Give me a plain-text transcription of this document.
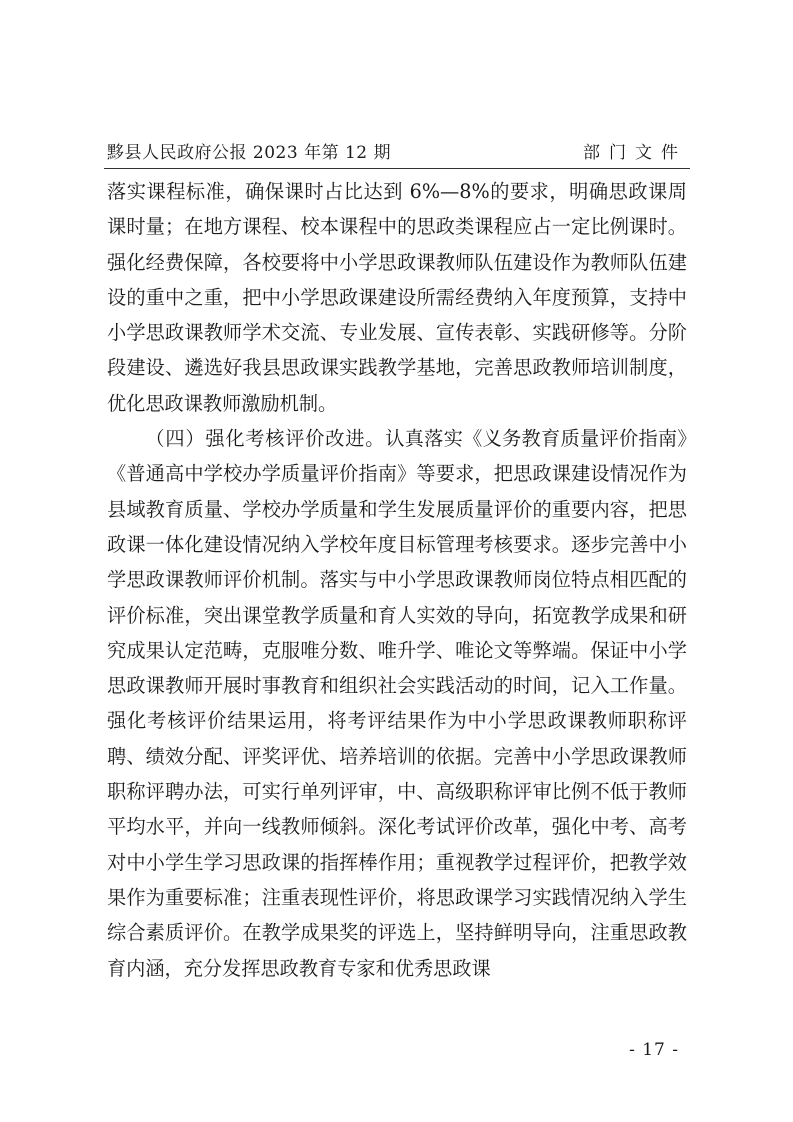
黟县人民政府公报 2023 年第 12 期	部门文件

落实课程标准，确保课时占比达到 6%—8%的要求，明确思政课周课时量；在地方课程、校本课程中的思政类课程应占一定比例课时。强化经费保障，各校要将中小学思政课教师队伍建设作为教师队伍建设的重中之重，把中小学思政课建设所需经费纳入年度预算，支持中小学思政课教师学术交流、专业发展、宣传表彰、实践研修等。分阶段建设、遴选好我县思政课实践教学基地，完善思政教师培训制度，优化思政课教师激励机制。

（四）强化考核评价改进。认真落实《义务教育质量评价指南》《普通高中学校办学质量评价指南》等要求，把思政课建设情况作为县域教育质量、学校办学质量和学生发展质量评价的重要内容，把思政课一体化建设情况纳入学校年度目标管理考核要求。逐步完善中小学思政课教师评价机制。落实与中小学思政课教师岗位特点相匹配的评价标准，突出课堂教学质量和育人实效的导向，拓宽教学成果和研究成果认定范畴，克服唯分数、唯升学、唯论文等弊端。保证中小学思政课教师开展时事教育和组织社会实践活动的时间，记入工作量。强化考核评价结果运用，将考评结果作为中小学思政课教师职称评聘、绩效分配、评奖评优、培养培训的依据。完善中小学思政课教师职称评聘办法，可实行单列评审，中、高级职称评审比例不低于教师平均水平，并向一线教师倾斜。深化考试评价改革，强化中考、高考对中小学生学习思政课的指挥棒作用；重视教学过程评价，把教学效果作为重要标准；注重表现性评价，将思政课学习实践情况纳入学生综合素质评价。在教学成果奖的评选上，坚持鲜明导向，注重思政教育内涵，充分发挥思政教育专家和优秀思政课

- 17 -
